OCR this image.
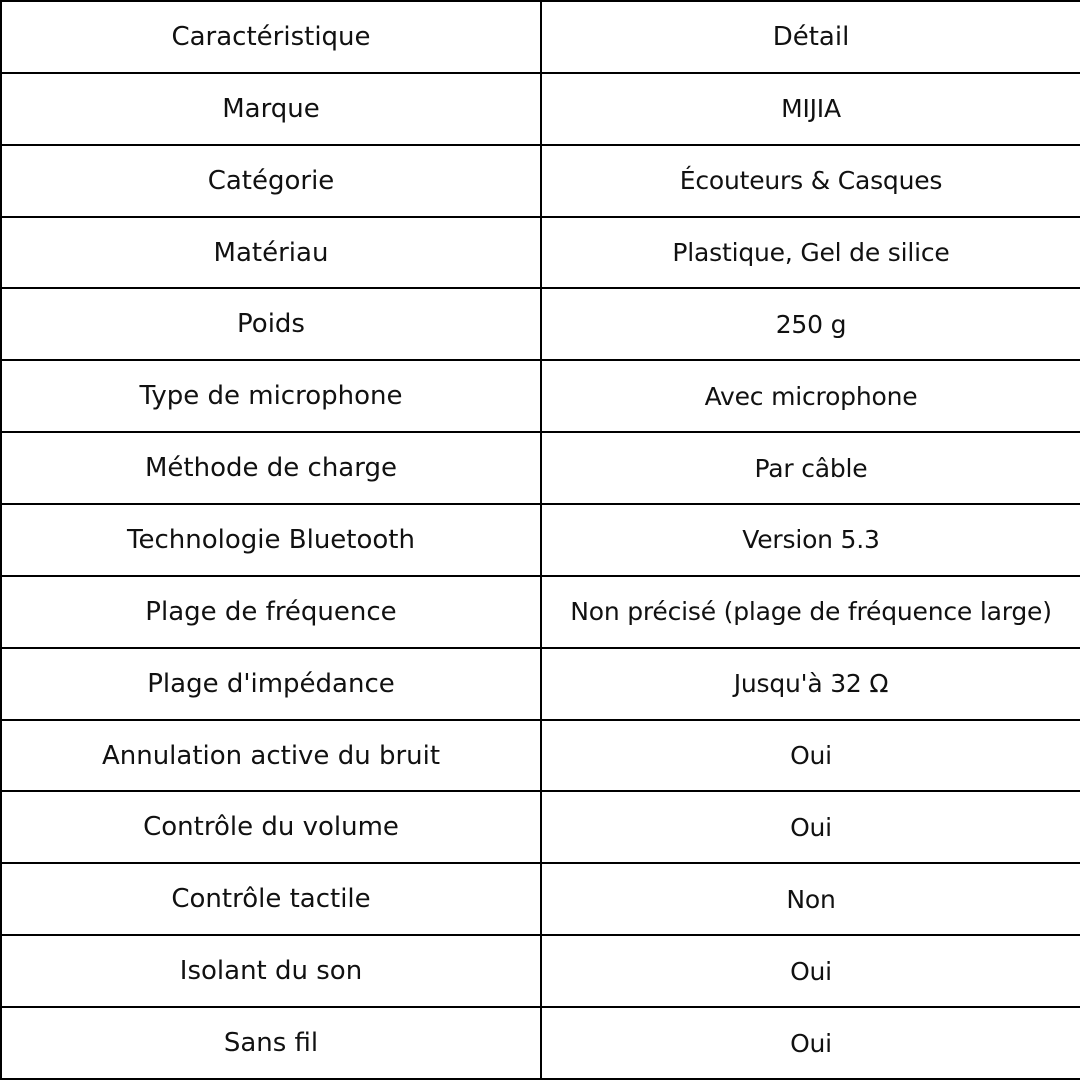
Caractéristique	Détail
Marque	MIJIA
Catégorie	Écouteurs & Casques
Matériau	Plastique, Gel de silice
Poids	250 g
Type de microphone	Avec microphone
Méthode de charge	Par câble
Technologie Bluetooth	Version 5.3
Plage de fréquence	Non précisé (plage de fréquence large)
Plage d'impédance	Jusqu'à 32 Ω
Annulation active du bruit	Oui
Contrôle du volume	Oui
Contrôle tactile	Non
Isolant du son	Oui
Sans fil	Oui
